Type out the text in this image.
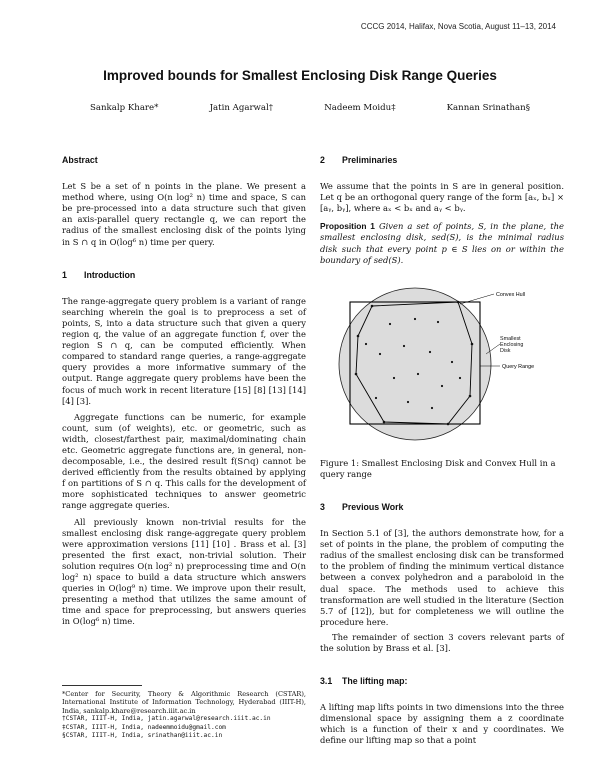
CCCG 2014, Halifax, Nova Scotia, August 11–13, 2014
Improved bounds for Smallest Enclosing Disk Range Queries
Sankalp Khare*	Jatin Agarwal†	Nadeem Moidu‡	Kannan Srinathan§
Abstract

Let S be a set of n points in the plane. We present a method where, using O(n log² n) time and space, S can be pre-processed into a data structure such that given an axis-parallel query rectangle q, we can report the radius of the smallest enclosing disk of the points lying in S ∩ q in O(log⁶ n) time per query.

1 Introduction

The range-aggregate query problem is a variant of range searching wherein the goal is to preprocess a set of points, S, into a data structure such that given a query region q, the value of an aggregate function f, over the region S ∩ q, can be computed efficiently. When compared to standard range queries, a range-aggregate query provides a more informative summary of the output. Range aggregate query problems have been the focus of much work in recent literature [15] [8] [13] [14] [4] [3].

Aggregate functions can be numeric, for example count, sum (of weights), etc. or geometric, such as width, closest/farthest pair, maximal/dominating chain etc. Geometric aggregate functions are, in general, non-decomposable, i.e., the desired result f(S∩q) cannot be derived efficiently from the results obtained by applying f on partitions of S ∩ q. This calls for the development of more sophisticated techniques to answer geometric range aggregate queries.

All previously known non-trivial results for the smallest enclosing disk range-aggregate query problem were approximation versions [11] [10] . Brass et al. [3] presented the first exact, non-trivial solution. Their solution requires O(n log² n) preprocessing time and O(n log² n) space to build a data structure which answers queries in O(log⁹ n) time. We improve upon their result, presenting a method that utilizes the same amount of time and space for preprocessing, but answers queries in O(log⁶ n) time.

*Center for Security, Theory & Algorithmic Research (CSTAR), International Institute of Information Technology, Hyderabad (IIIT-H), India, sankalp.khare@research.iiit.ac.in

†CSTAR, IIIT-H, India, jatin.agarwal@research.iiit.ac.in

‡CSTAR, IIIT-H, India, nadeemmoidu@gmail.com

§CSTAR, IIIT-H, India, srinathan@iiit.ac.in

2 Preliminaries

We assume that the points in S are in general position. Let q be an orthogonal query range of the form [aₓ, bₓ] × [aᵧ, bᵧ], where aₓ < bₓ and aᵧ < bᵧ.

Proposition 1 Given a set of points, S, in the plane, the smallest enclosing disk, sed(S), is the minimal radius disk such that every point p ∈ S lies on or within the boundary of sed(S).

Convex Hull
Smallest Enclosing Disk
Query Range

Figure 1: Smallest Enclosing Disk and Convex Hull in a query range

3 Previous Work

In Section 5.1 of [3], the authors demonstrate how, for a set of points in the plane, the problem of computing the radius of the smallest enclosing disk can be transformed to the problem of finding the minimum vertical distance between a convex polyhedron and a paraboloid in the dual space. The methods used to achieve this transformation are well studied in the literature (Section 5.7 of [12]), but for completeness we will outline the procedure here.

The remainder of section 3 covers relevant parts of the solution by Brass et al. [3].

3.1 The lifting map:

A lifting map lifts points in two dimensions into the three dimensional space by assigning them a z coordinate which is a function of their x and y coordinates. We define our lifting map so that a point
